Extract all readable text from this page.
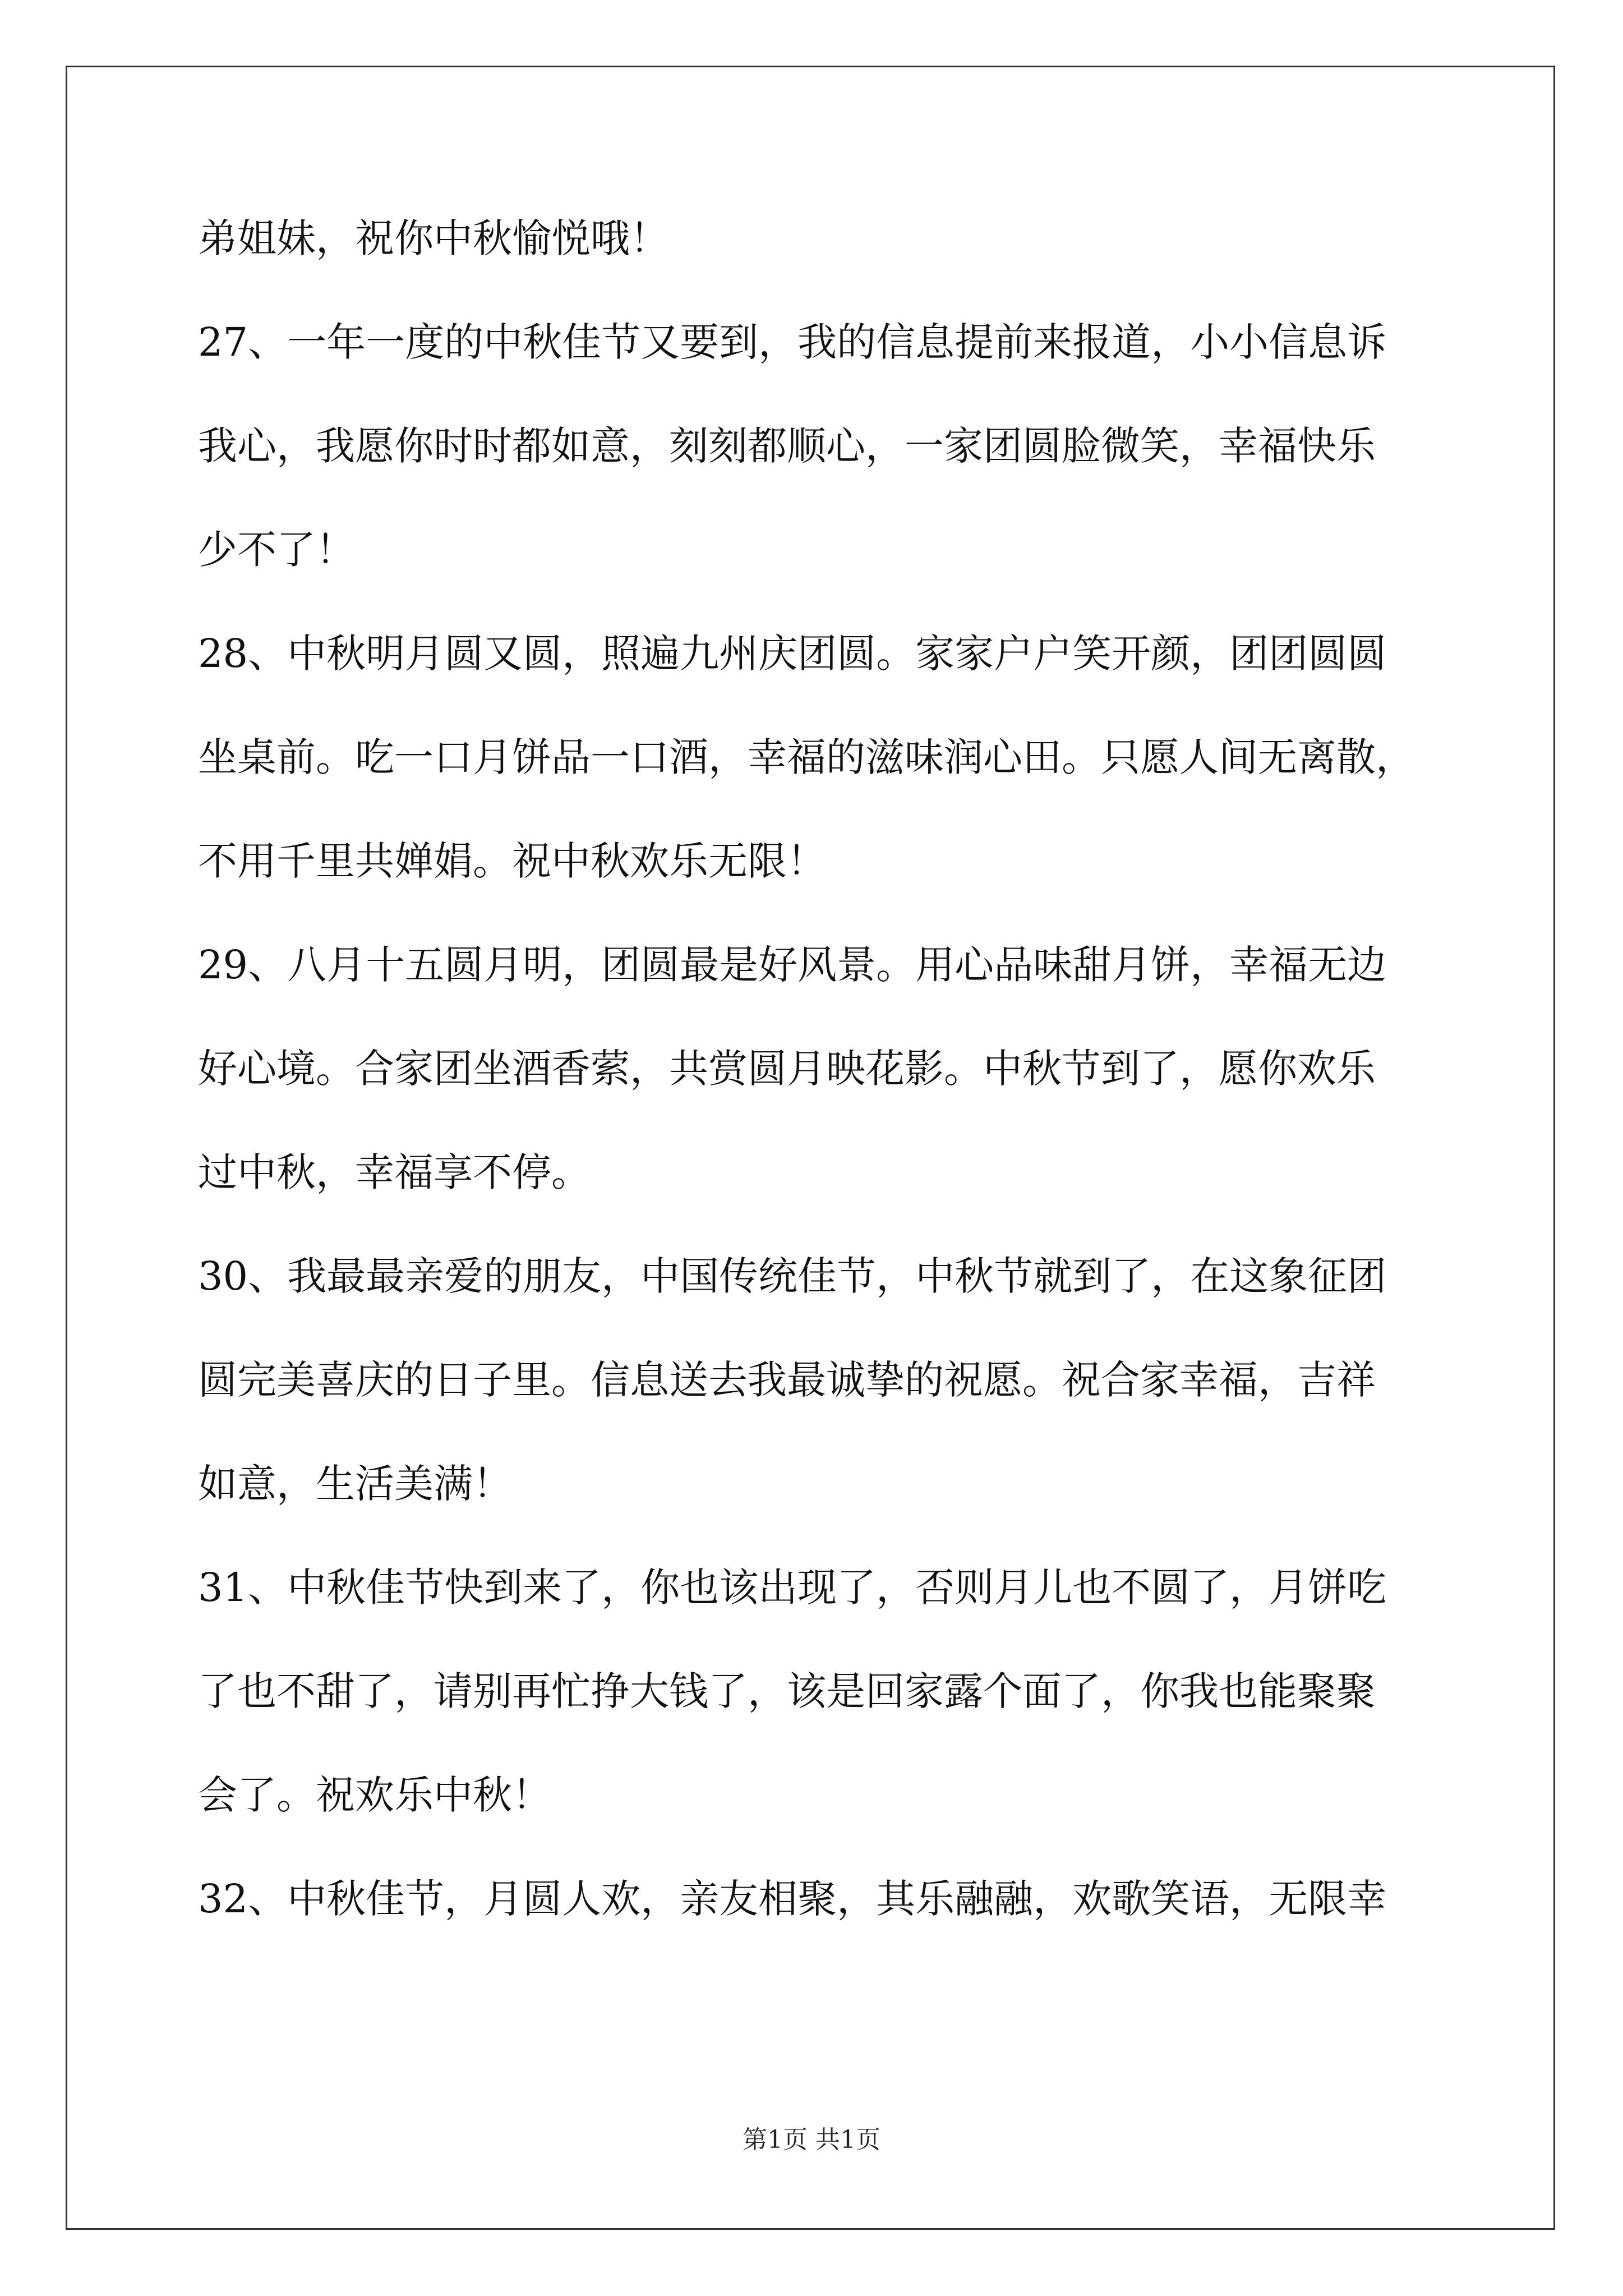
弟姐妹，祝你中秋愉悦哦！
27、一年一度的中秋佳节又要到，我的信息提前来报道，小小信息诉
我心，我愿你时时都如意，刻刻都顺心，一家团圆脸微笑，幸福快乐
少不了！
28、中秋明月圆又圆，照遍九州庆团圆。家家户户笑开颜，团团圆圆
坐桌前。吃一口月饼品一口酒，幸福的滋味润心田。只愿人间无离散，
不用千里共婵娟。祝中秋欢乐无限！
29、八月十五圆月明，团圆最是好风景。用心品味甜月饼，幸福无边
好心境。合家团坐酒香萦，共赏圆月映花影。中秋节到了，愿你欢乐
过中秋，幸福享不停。
30、我最最亲爱的朋友，中国传统佳节，中秋节就到了，在这象征团
圆完美喜庆的日子里。信息送去我最诚挚的祝愿。祝合家幸福，吉祥
如意，生活美满！
31、中秋佳节快到来了，你也该出现了，否则月儿也不圆了，月饼吃
了也不甜了，请别再忙挣大钱了，该是回家露个面了，你我也能聚聚
会了。祝欢乐中秋！
32、中秋佳节，月圆人欢，亲友相聚，其乐融融，欢歌笑语，无限幸
第1页 共1页
